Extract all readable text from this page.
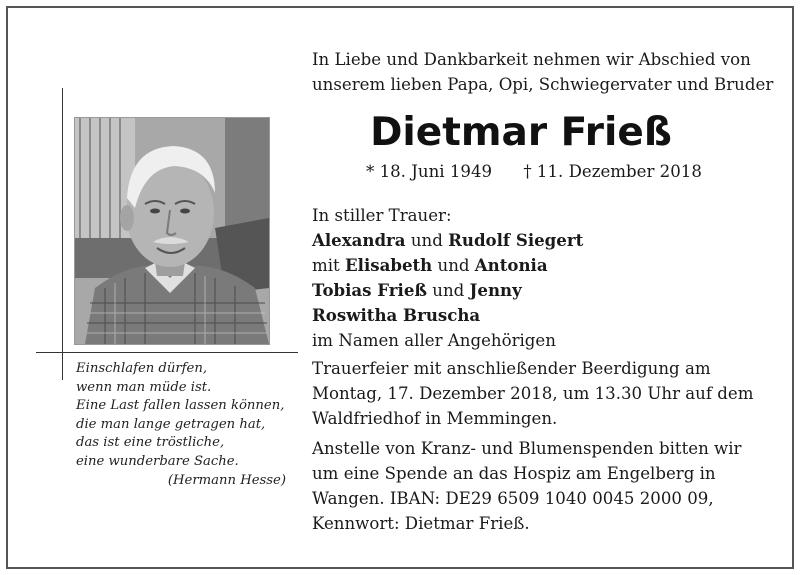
Einschlafen dürfen,
wenn man müde ist.
Eine Last fallen lassen können,
die man lange getragen hat,
das ist eine tröstliche,
eine wunderbare Sache.
(Hermann Hesse)
In Liebe und Dankbarkeit nehmen wir Abschied von
unserem lieben Papa, Opi, Schwiegervater und Bruder
Dietmar Frieß
* 18. Juni 1949 † 11. Dezember 2018
In stiller Trauer:
Alexandra und Rudolf Siegert
mit Elisabeth und Antonia
Tobias Frieß und Jenny
Roswitha Bruscha
im Namen aller Angehörigen
Trauerfeier mit anschließender Beerdigung am
Montag, 17. Dezember 2018, um 13.30 Uhr auf dem
Waldfriedhof in Memmingen.
Anstelle von Kranz- und Blumenspenden bitten wir
um eine Spende an das Hospiz am Engelberg in
Wangen. IBAN: DE29 6509 1040 0045 2000 09,
Kennwort: Dietmar Frieß.
